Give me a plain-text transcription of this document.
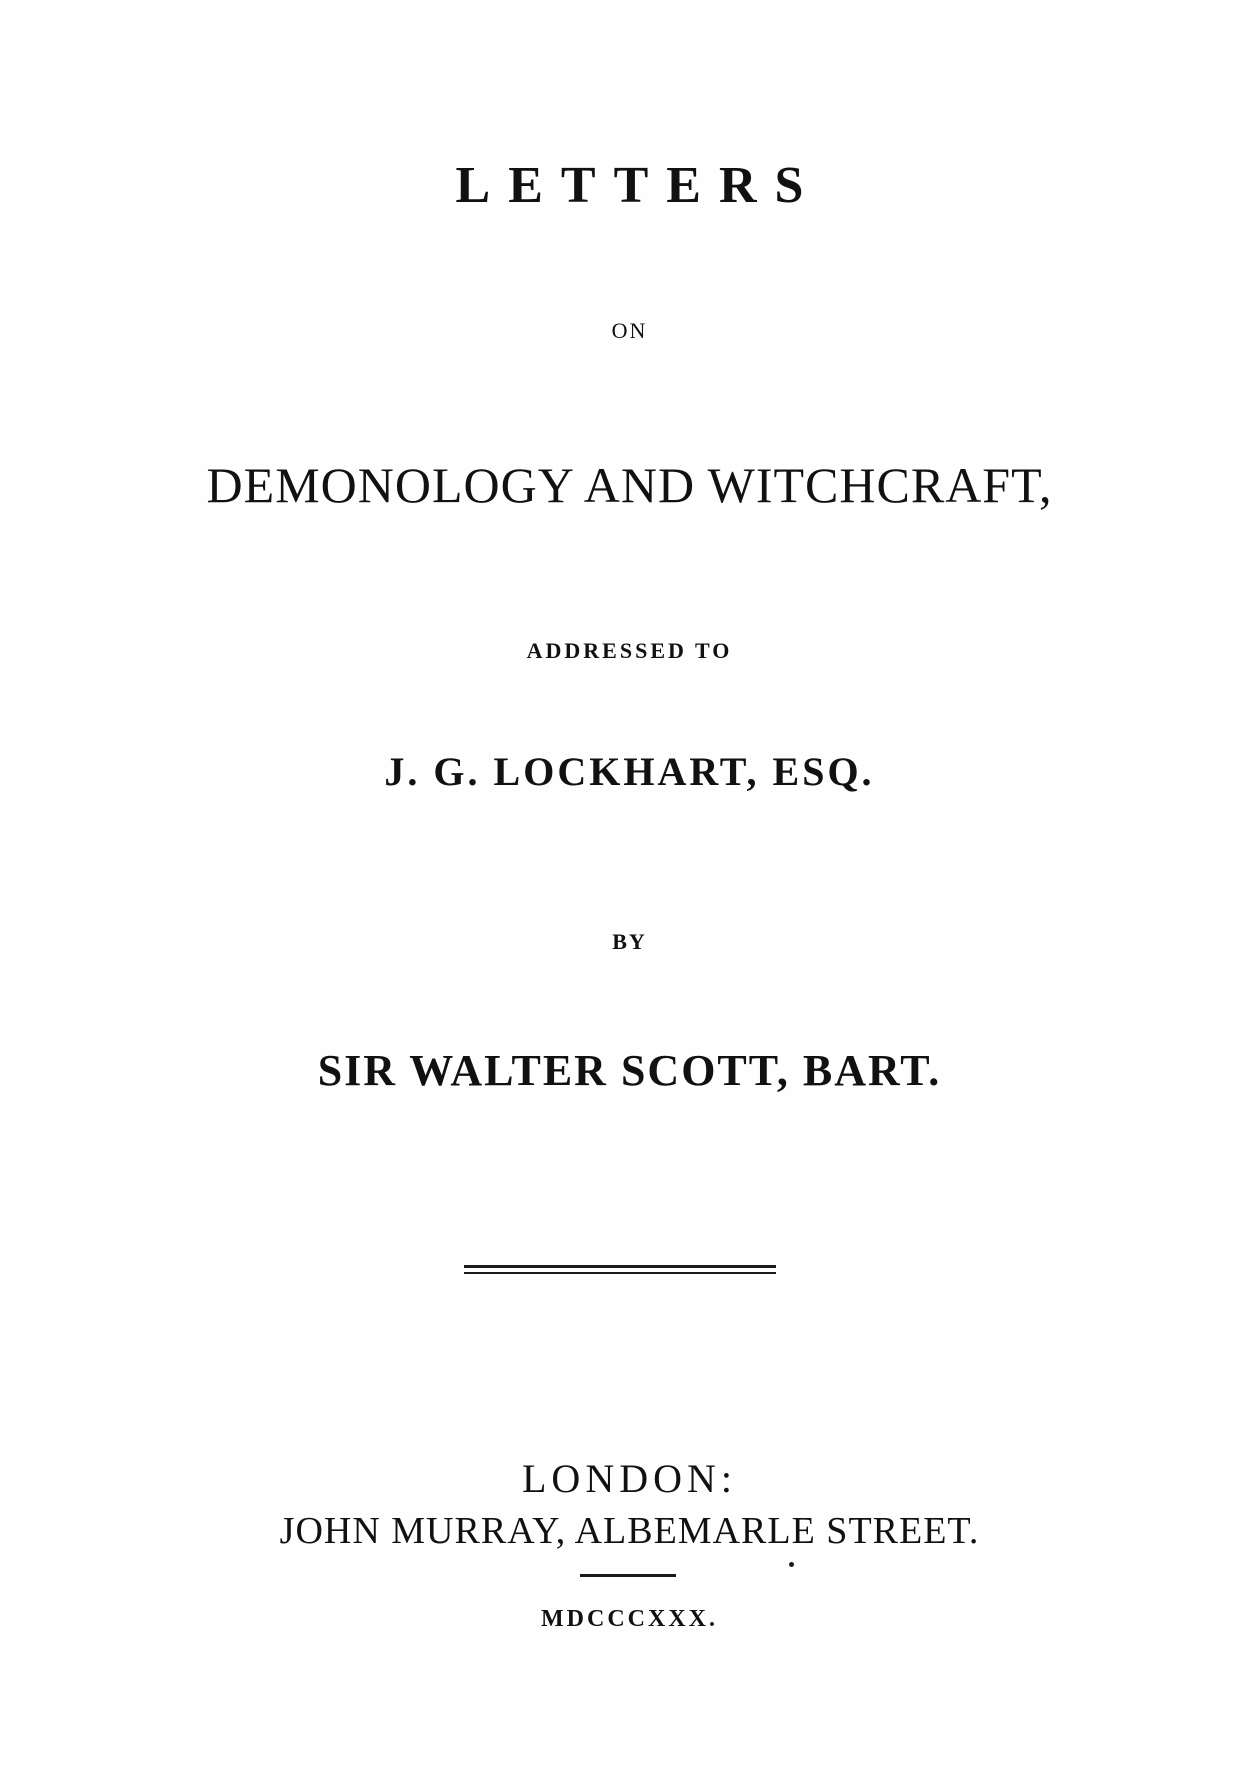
LETTERS
ON
DEMONOLOGY AND WITCHCRAFT,
ADDRESSED TO
J. G. LOCKHART, ESQ.
BY
SIR WALTER SCOTT, BART.
LONDON:
JOHN MURRAY, ALBEMARLE STREET.
MDCCCXXX.
